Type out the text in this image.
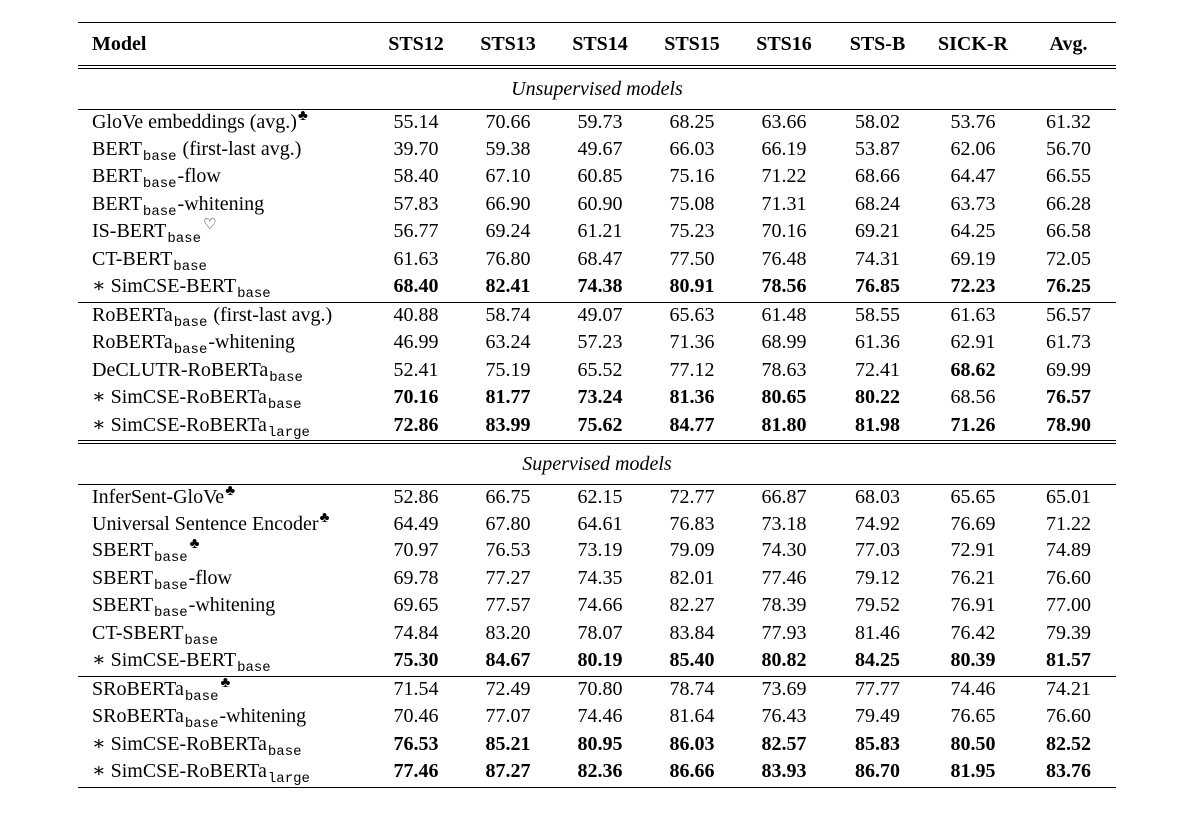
Model	STS12	STS13	STS14	STS15	STS16	STS-B	SICK-R	Avg.
Unsupervised models								
GloVe embeddings (avg.)♣	55.14	70.66	59.73	68.25	63.66	58.02	53.76	61.32
$BERT_{base}$ (first-last avg.)	39.70	59.38	49.67	66.03	66.19	53.87	62.06	56.70
$BERT_{base}$-flow	58.40	67.10	60.85	75.16	71.22	68.66	64.47	66.55
$BERT_{base}$-whitening	57.83	66.90	60.90	75.08	71.31	68.24	63.73	66.28
$IS-BERT_{base}^♡$	56.77	69.24	61.21	75.23	70.16	69.21	64.25	66.58
$CT-BERT_{base}$	61.63	76.80	68.47	77.50	76.48	74.31	69.19	72.05
∗ SimCSE-$BERT_{base}$	68.40	82.41	74.38	80.91	78.56	76.85	72.23	76.25
RoBERTa$_{base}$ (first-last avg.)	40.88	58.74	49.07	65.63	61.48	58.55	61.63	56.57
RoBERTa$_{base}$-whitening	46.99	63.24	57.23	71.36	68.99	61.36	62.91	61.73
DeCLUTR-RoBERTa$_{base}$	52.41	75.19	65.52	77.12	78.63	72.41	68.62	69.99
∗ SimCSE-RoBERTa$_{base}$	70.16	81.77	73.24	81.36	80.65	80.22	68.56	76.57
∗ SimCSE-RoBERTa$_{large}$	72.86	83.99	75.62	84.77	81.80	81.98	71.26	78.90
Supervised models								
InferSent-GloVe♣	52.86	66.75	62.15	72.77	66.87	68.03	65.65	65.01
Universal Sentence Encoder♣	64.49	67.80	64.61	76.83	73.18	74.92	76.69	71.22
$SBERT_{base}^♣$	70.97	76.53	73.19	79.09	74.30	77.03	72.91	74.89
$SBERT_{base}$-flow	69.78	77.27	74.35	82.01	77.46	79.12	76.21	76.60
$SBERT_{base}$-whitening	69.65	77.57	74.66	82.27	78.39	79.52	76.91	77.00
$CT-SBERT_{base}$	74.84	83.20	78.07	83.84	77.93	81.46	76.42	79.39
∗ SimCSE-$BERT_{base}$	75.30	84.67	80.19	85.40	80.82	84.25	80.39	81.57
SRoBERTa$_{base}$♣	71.54	72.49	70.80	78.74	73.69	77.77	74.46	74.21
SRoBERTa$_{base}$-whitening	70.46	77.07	74.46	81.64	76.43	79.49	76.65	76.60
∗ SimCSE-RoBERTa$_{base}$	76.53	85.21	80.95	86.03	82.57	85.83	80.50	82.52
∗ SimCSE-RoBERTa$_{large}$	77.46	87.27	82.36	86.66	83.93	86.70	81.95	83.76
